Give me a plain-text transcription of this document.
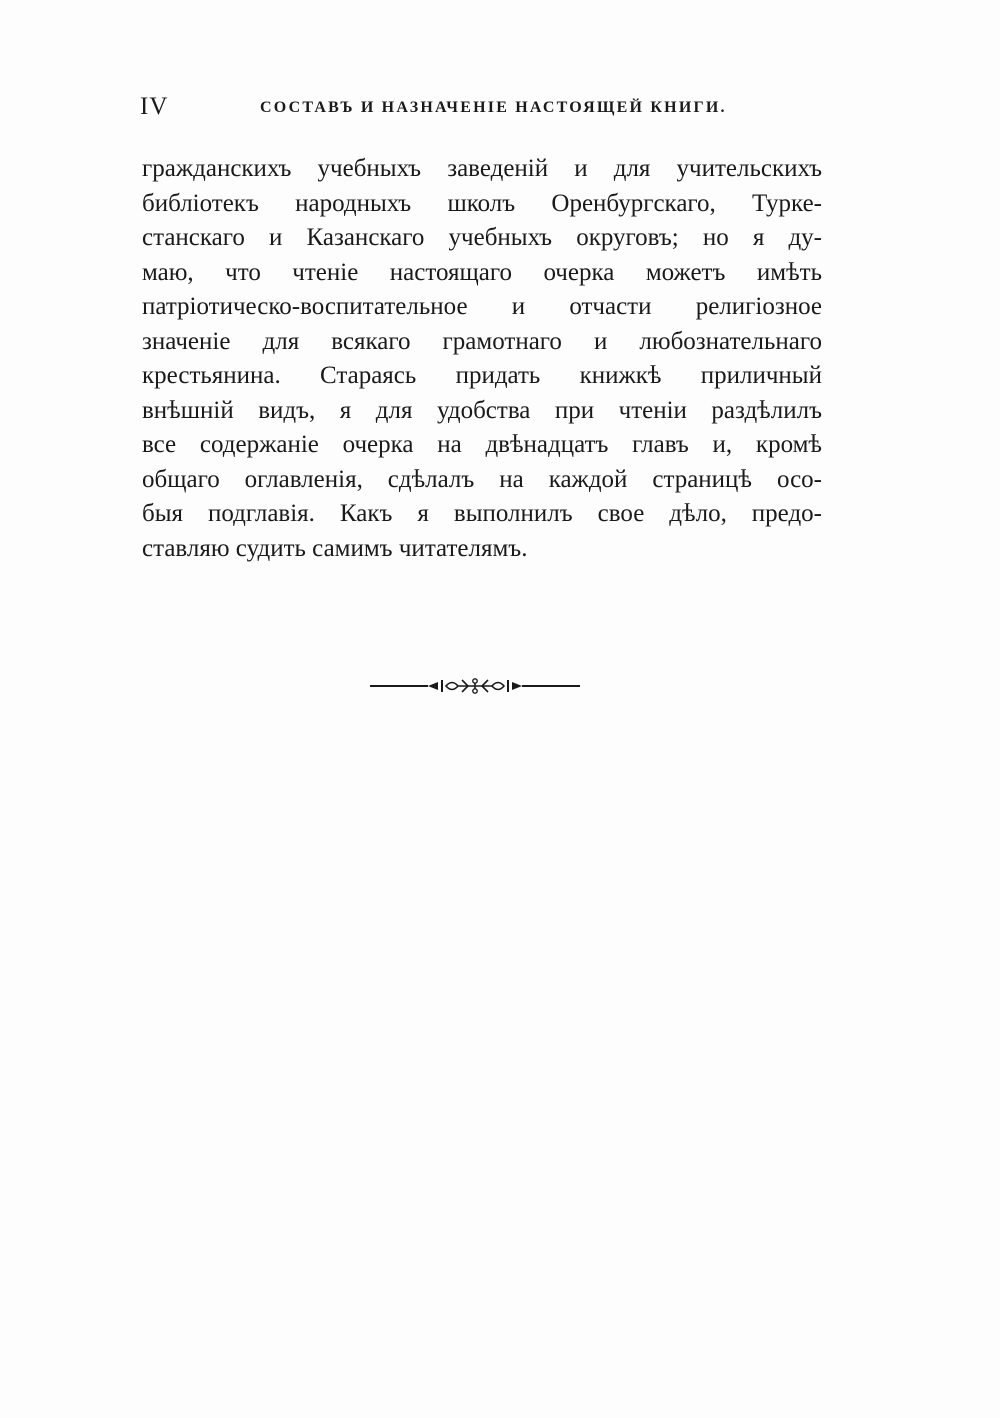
IV	СОСТАВЪ И НАЗНАЧЕНІЕ НАСТОЯЩЕЙ КНИГИ.
гражданскихъ учебныхъ заведеній и для учительскихъ
библіотекъ народныхъ школъ Оренбургскаго, Турке-
станскаго и Казанскаго учебныхъ округовъ; но я ду-
маю, что чтеніе настоящаго очерка можетъ имѣть
патріотическо-воспитательное и отчасти религіозное
значеніе для всякаго грамотнаго и любознательнаго
крестьянина. Стараясь придать книжкѣ приличный
внѣшній видъ, я для удобства при чтеніи раздѣлилъ
все содержаніе очерка на двѣнадцатъ главъ и, кромѣ
общаго оглавленія, сдѣлалъ на каждой страницѣ осо-
быя подглавія. Какъ я выполнилъ свое дѣло, предо-
ставляю судить самимъ читателямъ.
